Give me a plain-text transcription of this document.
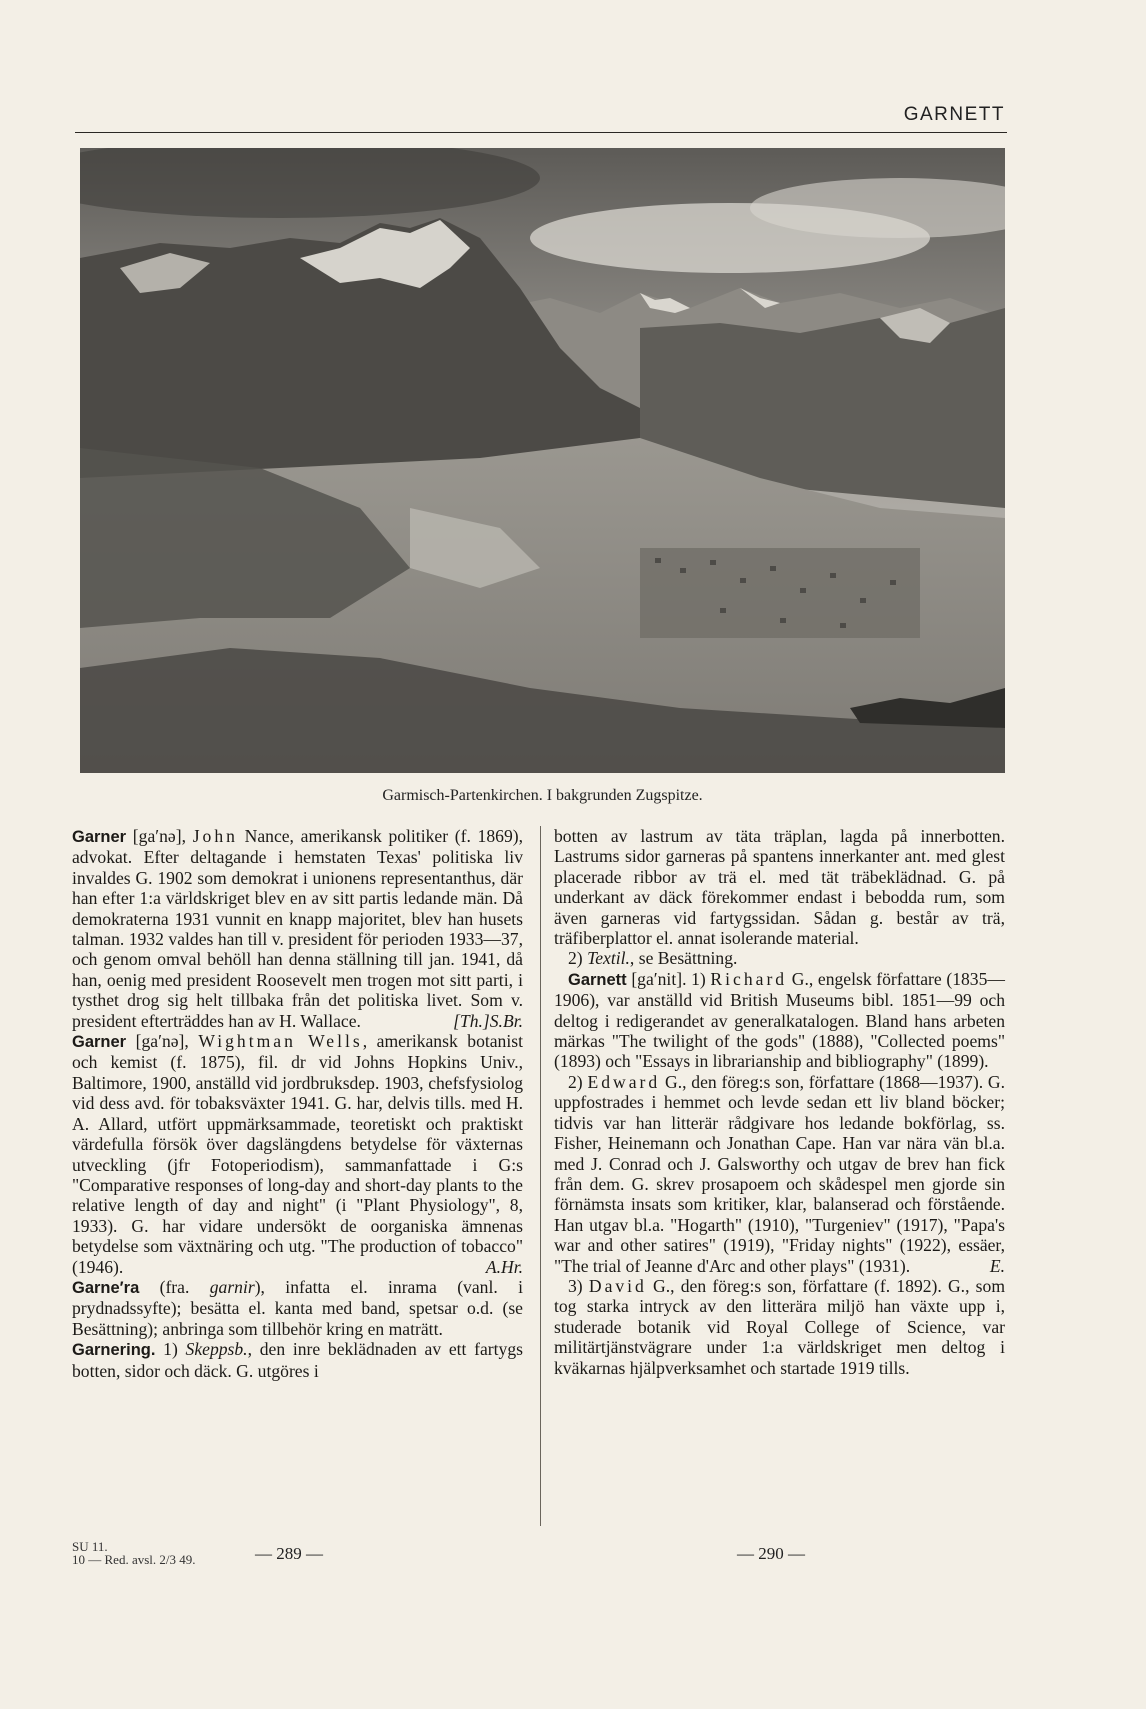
GARNETT
Garmisch-Partenkirchen. I bakgrunden Zugspitze.

Garner [ga′nə], John Nance, amerikansk politiker (f. 1869), advokat. Efter deltagande i hemstaten Texas' politiska liv invaldes G. 1902 som demokrat i unionens representanthus, där han efter 1:a världskriget blev en av sitt partis ledande män. Då demokraterna 1931 vunnit en knapp majoritet, blev han husets talman. 1932 valdes han till v. president för perioden 1933—37, och genom omval behöll han denna ställning till jan. 1941, då han, oenig med president Roosevelt men trogen mot sitt parti, i tysthet drog sig helt tillbaka från det politiska livet. Som v. president efterträddes han av H. Wallace.	[Th.]S.Br.

Garner [ga′nə], Wightman Wells, amerikansk botanist och kemist (f. 1875), fil. dr vid Johns Hopkins Univ., Baltimore, 1900, anställd vid jordbruksdep. 1903, chefsfysiolog vid dess avd. för tobaksväxter 1941. G. har, delvis tills. med H. A. Allard, utfört uppmärksammade, teoretiskt och praktiskt värdefulla försök över dagslängdens betydelse för växternas utveckling (jfr Fotoperiodism), sammanfattade i G:s "Comparative responses of long-day and short-day plants to the relative length of day and night" (i "Plant Physiology", 8, 1933). G. har vidare undersökt de oorganiska ämnenas betydelse som växtnäring och utg. "The production of tobacco" (1946).	A.Hr.

Garne′ra (fra. garnir), infatta el. inrama (vanl. i prydnadssyfte); besätta el. kanta med band, spetsar o.d. (se Besättning); anbringa som tillbehör kring en maträtt.

Garnering. 1) Skeppsb., den inre beklädnaden av ett fartygs botten, sidor och däck. G. utgöres i

botten av lastrum av täta träplan, lagda på innerbotten. Lastrums sidor garneras på spantens innerkanter ant. med glest placerade ribbor av trä el. med tät träbeklädnad. G. på underkant av däck förekommer endast i bebodda rum, som även garneras vid fartygssidan. Sådan g. består av trä, träfiberplattor el. annat isolerande material.

2) Textil., se Besättning.

Garnett [ga′nit]. 1) Richard G., engelsk författare (1835—1906), var anställd vid British Museums bibl. 1851—99 och deltog i redigerandet av generalkatalogen. Bland hans arbeten märkas "The twilight of the gods" (1888), "Collected poems" (1893) och "Essays in librarianship and bibliography" (1899).

2) Edward G., den föreg:s son, författare (1868—1937). G. uppfostrades i hemmet och levde sedan ett liv bland böcker; tidvis var han litterär rådgivare hos ledande bokförlag, ss. Fisher, Heinemann och Jonathan Cape. Han var nära vän bl.a. med J. Conrad och J. Galsworthy och utgav de brev han fick från dem. G. skrev prosapoem och skådespel men gjorde sin förnämsta insats som kritiker, klar, balanserad och förstående. Han utgav bl.a. "Hogarth" (1910), "Turgeniev" (1917), "Papa's war and other satires" (1919), "Friday nights" (1922), essäer, "The trial of Jeanne d'Arc and other plays" (1931).	E.

3) David G., den föreg:s son, författare (f. 1892). G., som tog starka intryck av den litterära miljö han växte upp i, studerade botanik vid Royal College of Science, var militärtjänstvägrare under 1:a världskriget men deltog i kväkarnas hjälpverksamhet och startade 1919 tills.

SU 11.
10 — Red. avsl. 2/3 49.	— 289 —	— 290 —
